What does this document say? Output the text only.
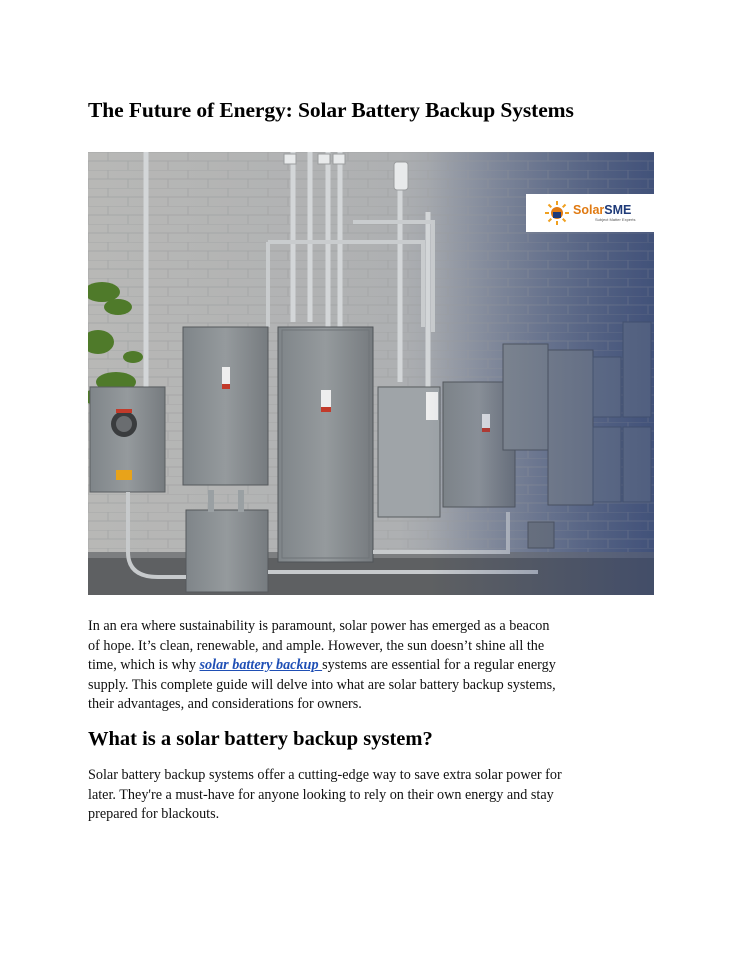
The Future of Energy: Solar Battery Backup Systems
SolarSME
Subject Matter Experts

In an era where sustainability is paramount, solar power has emerged as a beacon
of hope. It’s clean, renewable, and ample. However, the sun doesn’t shine all the
time, which is why solar battery backup systems are essential for a regular energy
supply. This complete guide will delve into what are solar battery backup systems,
their advantages, and considerations for owners.

What is a solar battery backup system?

Solar battery backup systems offer a cutting-edge way to save extra solar power for
later. They're a must-have for anyone looking to rely on their own energy and stay
prepared for blackouts.
